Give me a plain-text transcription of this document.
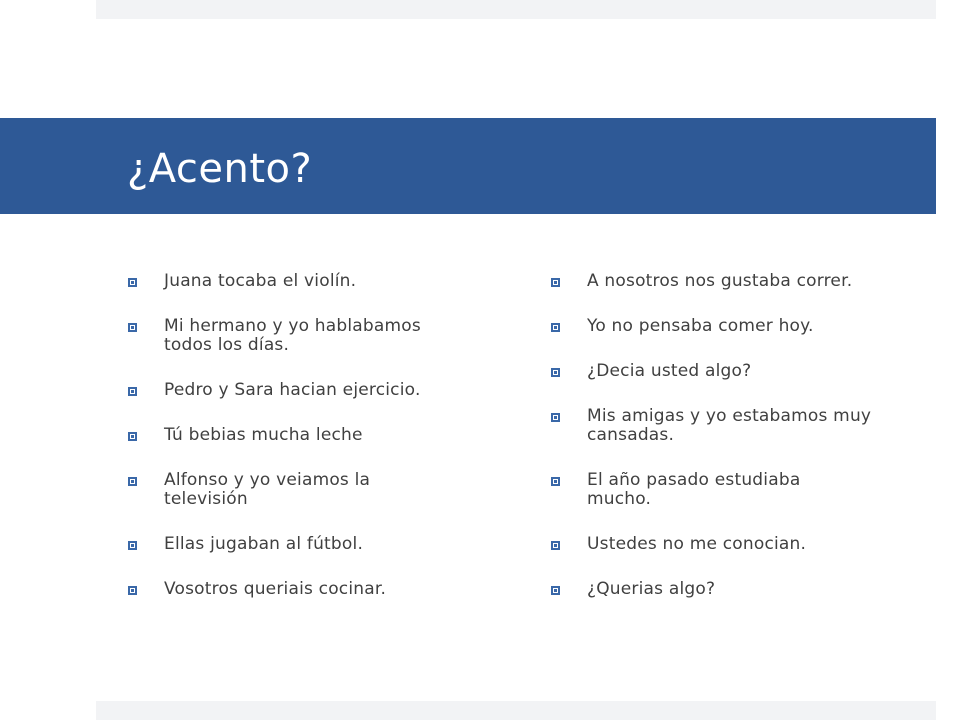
¿Acento?
Juana tocaba el violín.
Mi hermano y yo hablabamos todos los días.
Pedro y Sara hacian ejercicio.
Tú bebias mucha leche
Alfonso y yo veiamos la televisión
Ellas jugaban al fútbol.
Vosotros queriais cocinar.
A nosotros nos gustaba correr.
Yo no pensaba comer hoy.
¿Decia usted algo?
Mis amigas y yo estabamos muy cansadas.
El año pasado estudiaba mucho.
Ustedes no me conocian.
¿Querias algo?
